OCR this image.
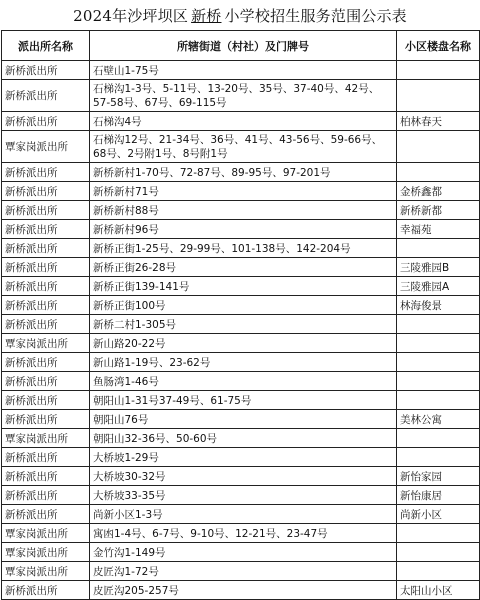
2024年沙坪坝区 新桥 小学校招生服务范围公示表
派出所名称	所辖街道（村社）及门牌号	小区楼盘名称
新桥派出所	石壁山1-75号	
新桥派出所	石梯沟1-3号、5-11号、13-20号、35号、37-40号、42号、57-58号、67号、69-115号	
新桥派出所	石梯沟4号	柏林春天
覃家岗派出所	石梯沟12号、21-34号、36号、41号、43-56号、59-66号、68号、2号附1号、8号附1号	
新桥派出所	新桥新村1-70号、72-87号、89-95号、97-201号	
新桥派出所	新桥新村71号	金桥鑫都
新桥派出所	新桥新村88号	新桥新都
新桥派出所	新桥新村96号	幸福苑
新桥派出所	新桥正街1-25号、29-99号、101-138号、142-204号	
新桥派出所	新桥正街26-28号	三陵雅园B
新桥派出所	新桥正街139-141号	三陵雅园A
新桥派出所	新桥正街100号	林海俊景
新桥派出所	新桥二村1-305号	
覃家岗派出所	新山路20-22号	
新桥派出所	新山路1-19号、23-62号	
新桥派出所	鱼肠湾1-46号	
新桥派出所	朝阳山1-31号37-49号、61-75号	
新桥派出所	朝阳山76号	美林公寓
覃家岗派出所	朝阳山32-36号、50-60号	
新桥派出所	大桥坡1-29号	
新桥派出所	大桥坡30-32号	新怡家园
新桥派出所	大桥坡33-35号	新怡康居
新桥派出所	尚新小区1-3号	尚新小区
覃家岗派出所	寓凼1-4号、6-7号、9-10号、12-21号、23-47号	
覃家岗派出所	金竹沟1-149号	
覃家岗派出所	皮匠沟1-72号	
新桥派出所	皮匠沟205-257号	太阳山小区
